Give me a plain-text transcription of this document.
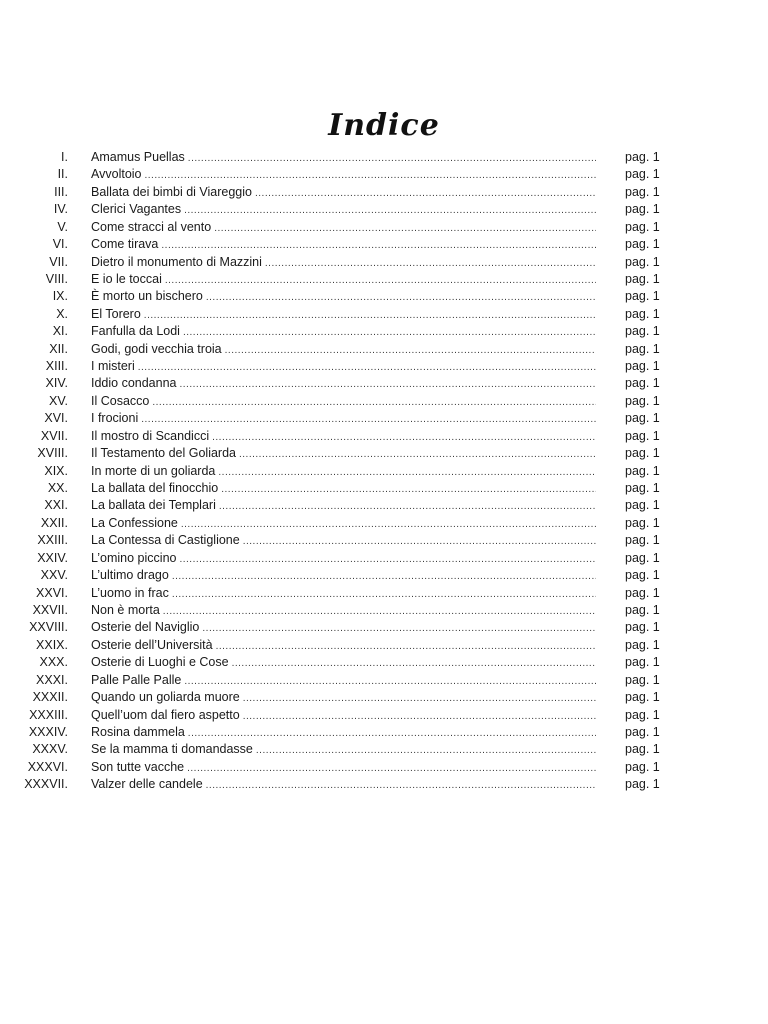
Indice
I. Amamus Puellas .....	pag. 1
II. Avvoltoio .....	pag. 1
III. Ballata dei bimbi di Viareggio .....	pag. 1
IV. Clerici Vagantes .....	pag. 1
V. Come stracci al vento .....	pag. 1
VI. Come tirava .....	pag. 1
VII. Dietro il monumento di Mazzini .....	pag. 1
VIII. E io le toccai .....	pag. 1
IX. È morto un bischero .....	pag. 1
X. El Torero .....	pag. 1
XI. Fanfulla da Lodi .....	pag. 1
XII. Godi, godi vecchia troia .....	pag. 1
XIII. I misteri .....	pag. 1
XIV. Iddio condanna .....	pag. 1
XV. Il Cosacco .....	pag. 1
XVI. I frocioni .....	pag. 1
XVII. Il mostro di Scandicci .....	pag. 1
XVIII. Il Testamento del Goliarda .....	pag. 1
XIX. In morte di un goliarda .....	pag. 1
XX. La ballata del finocchio .....	pag. 1
XXI. La ballata dei Templari .....	pag. 1
XXII. La Confessione .....	pag. 1
XXIII. La Contessa di Castiglione .....	pag. 1
XXIV. L’omino piccino .....	pag. 1
XXV. L’ultimo drago .....	pag. 1
XXVI. L’uomo in frac .....	pag. 1
XXVII. Non è morta .....	pag. 1
XXVIII. Osterie del Naviglio .....	pag. 1
XXIX. Osterie dell’Università .....	pag. 1
XXX. Osterie di Luoghi e Cose .....	pag. 1
XXXI. Palle Palle Palle .....	pag. 1
XXXII. Quando un goliarda muore .....	pag. 1
XXXIII. Quell’uom dal fiero aspetto .....	pag. 1
XXXIV. Rosina dammela .....	pag. 1
XXXV. Se la mamma ti domandasse .....	pag. 1
XXXVI. Son tutte vacche .....	pag. 1
XXXVII. Valzer delle candele .....	pag. 1
